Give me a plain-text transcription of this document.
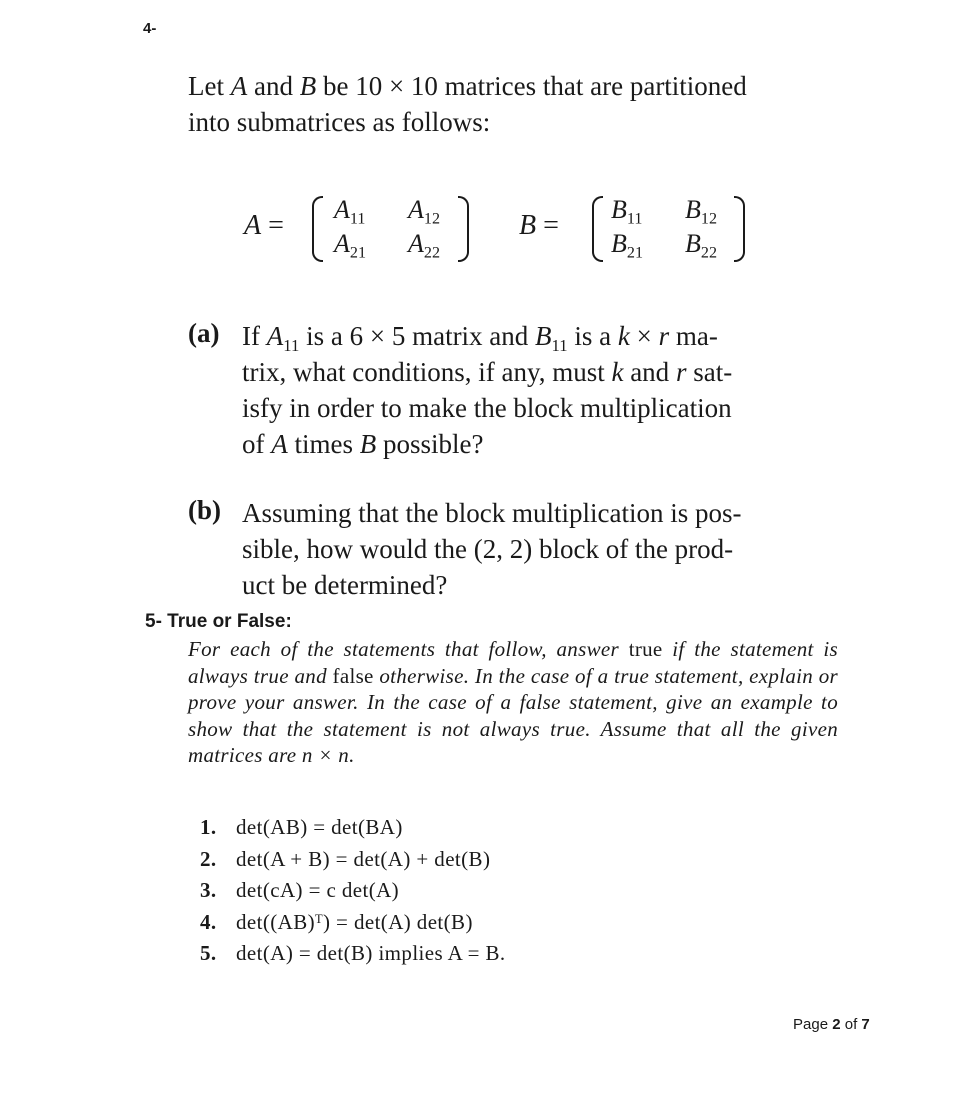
4-
Let A and B be 10 × 10 matrices that are partitioned
into submatrices as follows:
A =
$A_{11}$ $A_{12}$
$A_{21}$ $A_{22}$
B =
$B_{11}$ $B_{12}$
$B_{21}$ $B_{22}$
(a) If $A_{11}$ is a 6 × 5 matrix and $B_{11}$ is a k × r ma-
trix, what conditions, if any, must k and r sat-
isfy in order to make the block multiplication
of A times B possible?
(b) Assuming that the block multiplication is pos-
sible, how would the (2, 2) block of the prod-
uct be determined?
5- True or False:
For each of the statements that follow, answer true if the statement is always true and false otherwise. In the case of a true statement, explain or prove your answer. In the case of a false statement, give an example to show that the statement is not always true. Assume that all the given matrices are n × n.
1. det(AB) = det(BA)
2. det(A + B) = det(A) + det(B)
3. det(cA) = c det(A)
4. det((AB)ᵀ) = det(A) det(B)
5. det(A) = det(B) implies A = B.
Page 2 of 7
